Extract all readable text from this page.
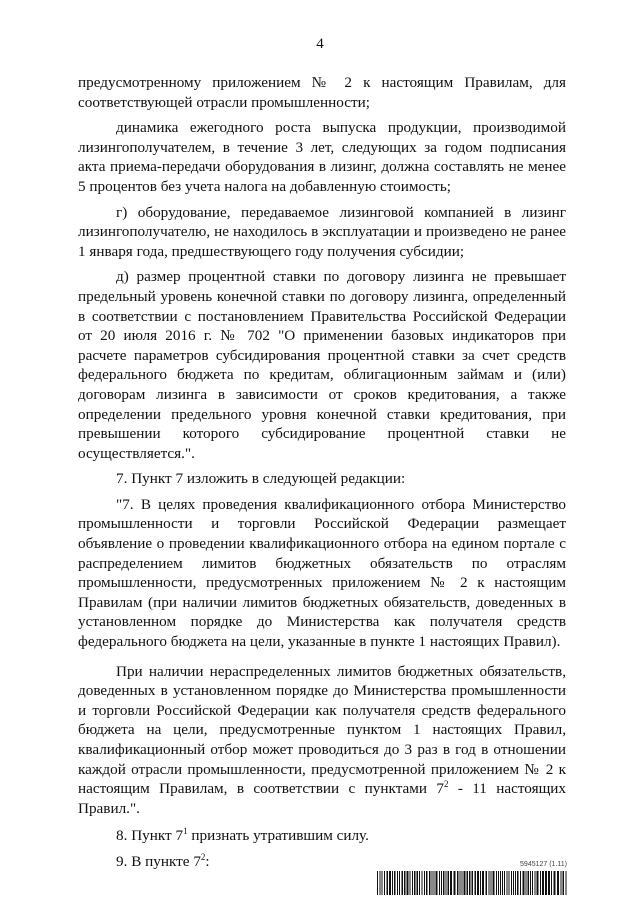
4

предусмотренному приложением № 2 к настоящим Правилам, для соответствующей отрасли промышленности;

динамика ежегодного роста выпуска продукции, производимой лизингополучателем, в течение 3 лет, следующих за годом подписания акта приема-передачи оборудования в лизинг, должна составлять не менее 5 процентов без учета налога на добавленную стоимость;

г) оборудование, передаваемое лизинговой компанией в лизинг лизингополучателю, не находилось в эксплуатации и произведено не ранее 1 января года, предшествующего году получения субсидии;

д) размер процентной ставки по договору лизинга не превышает предельный уровень конечной ставки по договору лизинга, определенный в соответствии с постановлением Правительства Российской Федерации от 20 июля 2016 г. № 702 "О применении базовых индикаторов при расчете параметров субсидирования процентной ставки за счет средств федерального бюджета по кредитам, облигационным займам и (или) договорам лизинга в зависимости от сроков кредитования, а также определении предельного уровня конечной ставки кредитования, при превышении которого субсидирование процентной ставки не осуществляется.".

7. Пункт 7 изложить в следующей редакции:

"7. В целях проведения квалификационного отбора Министерство промышленности и торговли Российской Федерации размещает объявление о проведении квалификационного отбора на едином портале с распределением лимитов бюджетных обязательств по отраслям промышленности, предусмотренных приложением № 2 к настоящим Правилам (при наличии лимитов бюджетных обязательств, доведенных в установленном порядке до Министерства как получателя средств федерального бюджета на цели, указанные в пункте 1 настоящих Правил).

При наличии нераспределенных лимитов бюджетных обязательств, доведенных в установленном порядке до Министерства промышленности и торговли Российской Федерации как получателя средств федерального бюджета на цели, предусмотренные пунктом 1 настоящих Правил, квалификационный отбор может проводиться до 3 раз в год в отношении каждой отрасли промышленности, предусмотренной приложением № 2 к настоящим Правилам, в соответствии с пунктами $7^2 - 11$ настоящих Правил.".

8. Пункт $7^1$ признать утратившим силу.

9. В пункте $7^2$:	5945127 (1.11)
